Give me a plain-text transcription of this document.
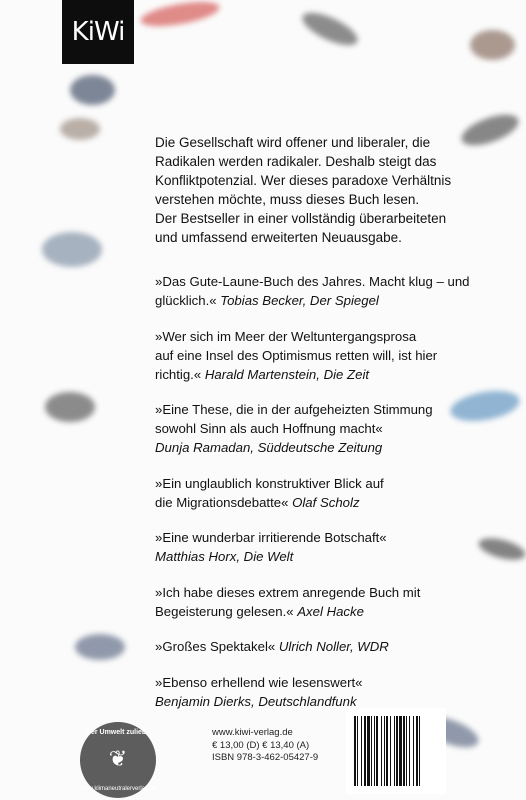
KiWi

Die Gesellschaft wird offener und liberaler, die

Radikalen werden radikaler. Deshalb steigt das

Konfliktpotenzial. Wer dieses paradoxe Verhältnis

verstehen möchte, muss dieses Buch lesen.

Der Bestseller in einer vollständig überarbeiteten

und umfassend erweiterten Neuausgabe.

»Das Gute-Laune-Buch des Jahres. Macht klug – und
glücklich.« Tobias Becker, Der Spiegel

»Wer sich im Meer der Weltuntergangsprosa
auf eine Insel des Optimismus retten will, ist hier
richtig.« Harald Martenstein, Die Zeit

»Eine These, die in der aufgeheizten Stimmung
sowohl Sinn als auch Hoffnung macht«
Dunja Ramadan, Süddeutsche Zeitung

»Ein unglaublich konstruktiver Blick auf
die Migrationsdebatte« Olaf Scholz

»Eine wunderbar irritierende Botschaft«
Matthias Horx, Die Welt

»Ich habe dieses extrem anregende Buch mit
Begeisterung gelesen.« Axel Hacke

»Großes Spektakel« Ulrich Noller, WDR

»Ebenso erhellend wie lesenswert«
Benjamin Dierks, Deutschlandfunk

Der Umwelt zuliebe
❦
www.klimaneutralerverlag.de
www.kiwi-verlag.de
€ 13,00 (D) € 13,40 (A)
ISBN 978-3-462-05427-9
